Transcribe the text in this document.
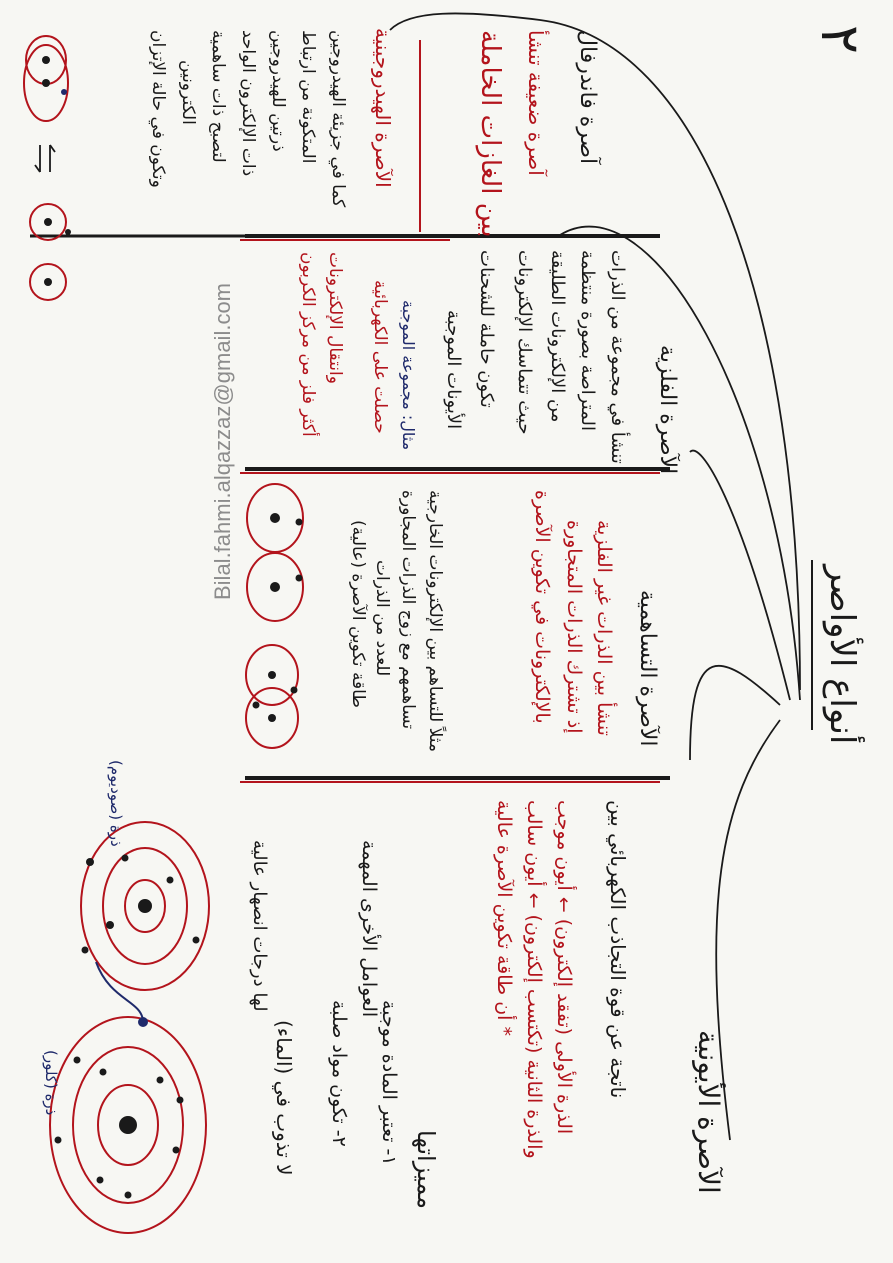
٢
Bilal.fahmi.alqazzaz@gmail.com
أنواع الأواصر
الآصرة الأيونية
ناتجة عن قوة التجاذب الكهربائي بين
الذرة الأولى (تفقد إلكترون) ← أيون موجب
والذرة الثانية (تكتسب إلكترون) ← أيون سالب
* أن طاقة تكوين الآصرة عالية
مميزاتها
١- تعتبر المادة موجبة
العوامل الأخرى المهمة
٢- تكون مواد صلبة
لا تذوب في (الماء)
لها درجات انصهار عالية
ذرة (صوديوم)
ذرة (كلور)
الآصرة التساهمية
تنشأ بين الذرات غير الفلزية
إذ تشترك الذرات المتجاورة
بالإلكترونات في تكوين الآصرة
مثلاً للتساهم بين الإلكترونات الخارجية
تساهمهم مع زوج الذرات المجاورة
للعدد من الذرات
طاقة تكوين الآصرة (عالية)
الآصرة الفلزية
تنشأ في مجموعة من الذرات
المتراصة بصورة منتظمة
من الإلكترونات الطليقة
حيث تتماسك الإلكترونات
تكون حاملة للشحنات
الأيونات الموجبة
مثال: مجموعة الموجبة
حصلت على الكهربائية
وانتقال الإلكترونات
أكثر فلز من مركز الكربون
آصرة فاندرفال
آصرة ضعيفة تنشأ
بين الغازات الخاملة
الآصرة الهيدروجينية
كما في جزيئة الهيدروجين
المتكونة من ارتباط
ذرتين للهيدروجين
ذات الإلكترون الواحد
لتصبح ذات ساهمية
الكترونين
وتكون في حالة الإتزان
